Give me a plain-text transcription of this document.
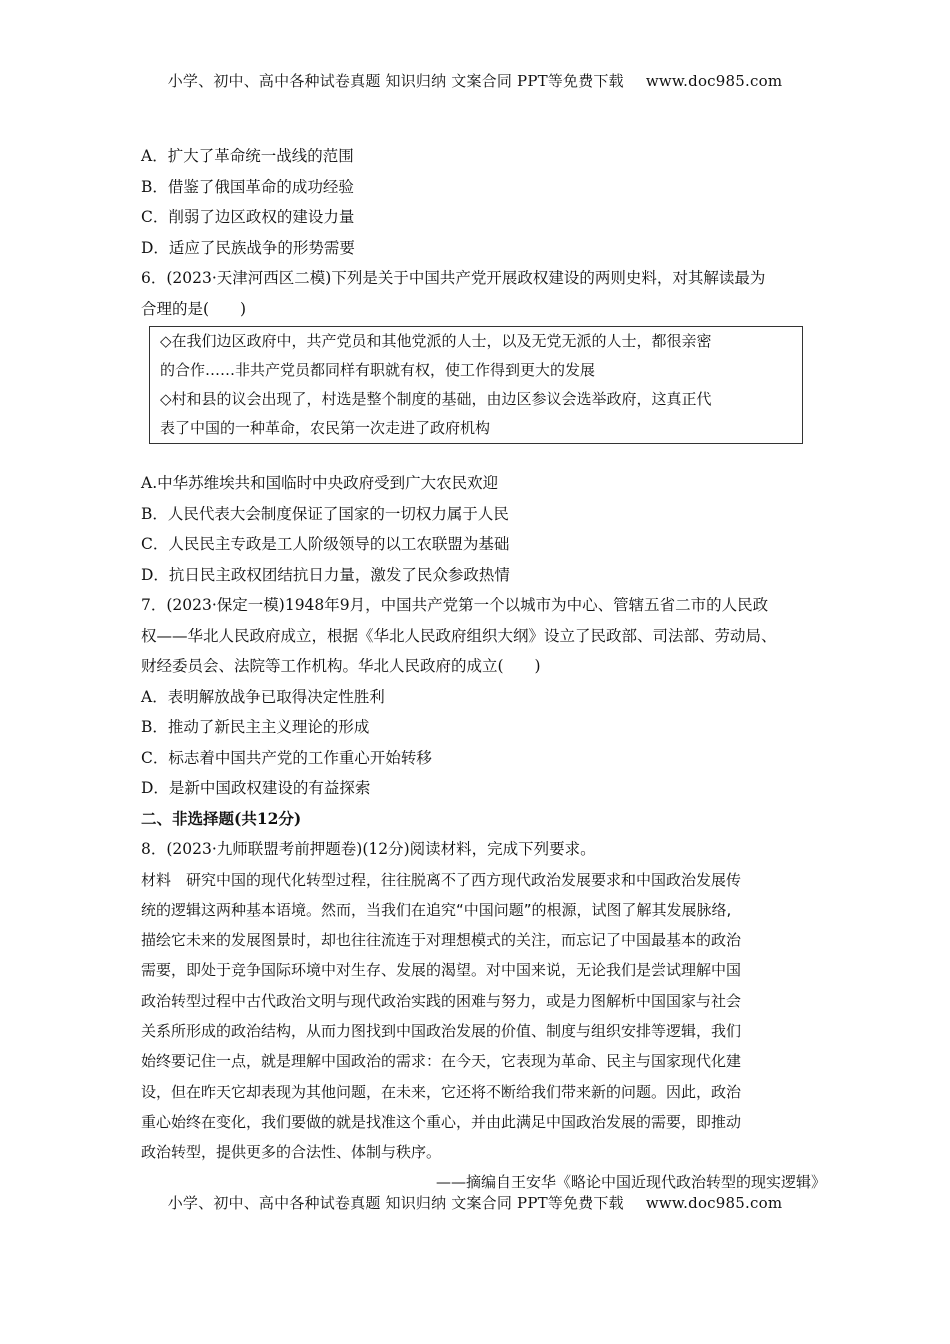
小学、初中、高中各种试卷真题 知识归纳 文案合同 PPT等免费下载 www.doc985.com
A．扩大了革命统一战线的范围
B．借鉴了俄国革命的成功经验
C．削弱了边区政权的建设力量
D．适应了民族战争的形势需要
6．(2023·天津河西区二模)下列是关于中国共产党开展政权建设的两则史料，对其解读最为
合理的是(　　)
◇在我们边区政府中，共产党员和其他党派的人士，以及无党无派的人士，都很亲密
的合作……非共产党员都同样有职就有权，使工作得到更大的发展
◇村和县的议会出现了，村选是整个制度的基础，由边区参议会选举政府，这真正代
表了中国的一种革命，农民第一次走进了政府机构
A.中华苏维埃共和国临时中央政府受到广大农民欢迎
B．人民代表大会制度保证了国家的一切权力属于人民
C．人民民主专政是工人阶级领导的以工农联盟为基础
D．抗日民主政权团结抗日力量，激发了民众参政热情
7．(2023·保定一模)1948年9月，中国共产党第一个以城市为中心、管辖五省二市的人民政
权——华北人民政府成立，根据《华北人民政府组织大纲》设立了民政部、司法部、劳动局、
财经委员会、法院等工作机构。华北人民政府的成立(　　)
A．表明解放战争已取得决定性胜利
B．推动了新民主主义理论的形成
C．标志着中国共产党的工作重心开始转移
D．是新中国政权建设的有益探索
二、非选择题(共12分)
8．(2023·九师联盟考前押题卷)(12分)阅读材料，完成下列要求。
材料　研究中国的现代化转型过程，往往脱离不了西方现代政治发展要求和中国政治发展传
统的逻辑这两种基本语境。然而，当我们在追究“中国问题”的根源，试图了解其发展脉络,
描绘它未来的发展图景时，却也往往流连于对理想模式的关注，而忘记了中国最基本的政治
需要，即处于竞争国际环境中对生存、发展的渴望。对中国来说，无论我们是尝试理解中国
政治转型过程中古代政治文明与现代政治实践的困难与努力，或是力图解析中国国家与社会
关系所形成的政治结构，从而力图找到中国政治发展的价值、制度与组织安排等逻辑，我们
始终要记住一点，就是理解中国政治的需求：在今天，它表现为革命、民主与国家现代化建
设，但在昨天它却表现为其他问题，在未来，它还将不断给我们带来新的问题。因此，政治
重心始终在变化，我们要做的就是找准这个重心，并由此满足中国政治发展的需要，即推动
政治转型，提供更多的合法性、体制与秩序。
——摘编自王安华《略论中国近现代政治转型的现实逻辑》
小学、初中、高中各种试卷真题 知识归纳 文案合同 PPT等免费下载 www.doc985.com
